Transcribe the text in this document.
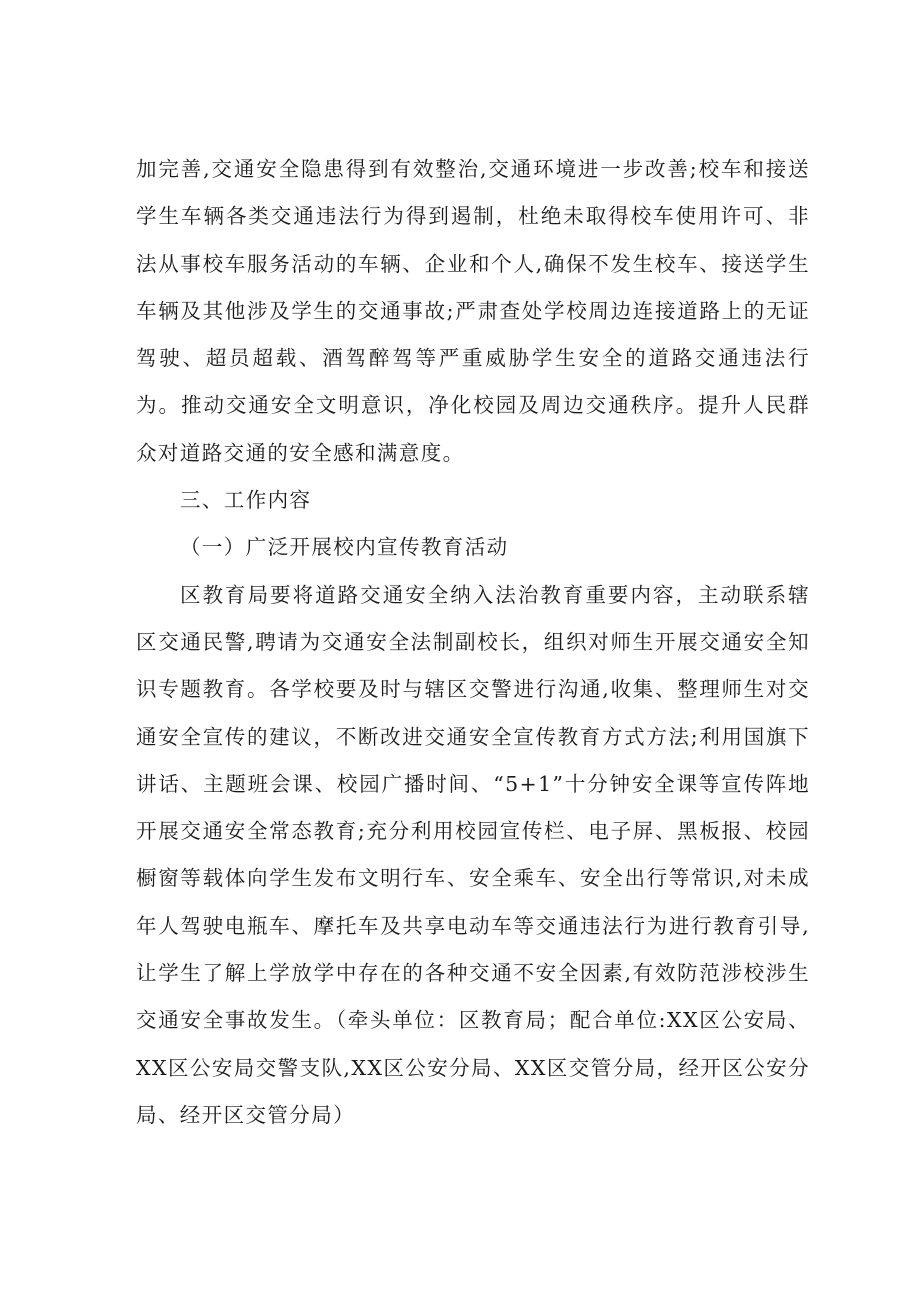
加完善,交通安全隐患得到有效整治,交通环境进一步改善;校车和接送学生车辆各类交通违法行为得到遏制，杜绝未取得校车使用许可、非法从事校车服务活动的车辆、企业和个人,确保不发生校车、接送学生车辆及其他涉及学生的交通事故;严肃查处学校周边连接道路上的无证驾驶、超员超载、酒驾醉驾等严重威胁学生安全的道路交通违法行为。推动交通安全文明意识，净化校园及周边交通秩序。提升人民群众对道路交通的安全感和满意度。

三、工作内容

（一）广泛开展校内宣传教育活动

区教育局要将道路交通安全纳入法治教育重要内容，主动联系辖区交通民警,聘请为交通安全法制副校长，组织对师生开展交通安全知识专题教育。各学校要及时与辖区交警进行沟通,收集、整理师生对交通安全宣传的建议，不断改进交通安全宣传教育方式方法;利用国旗下讲话、主题班会课、校园广播时间、“5+1”十分钟安全课等宣传阵地开展交通安全常态教育;充分利用校园宣传栏、电子屏、黑板报、校园橱窗等载体向学生发布文明行车、安全乘车、安全出行等常识,对未成年人驾驶电瓶车、摩托车及共享电动车等交通违法行为进行教育引导,让学生了解上学放学中存在的各种交通不安全因素,有效防范涉校涉生交通安全事故发生。（牵头单位：区教育局；配合单位:XX区公安局、XX区公安局交警支队,XX区公安分局、XX区交管分局，经开区公安分局、经开区交管分局）
